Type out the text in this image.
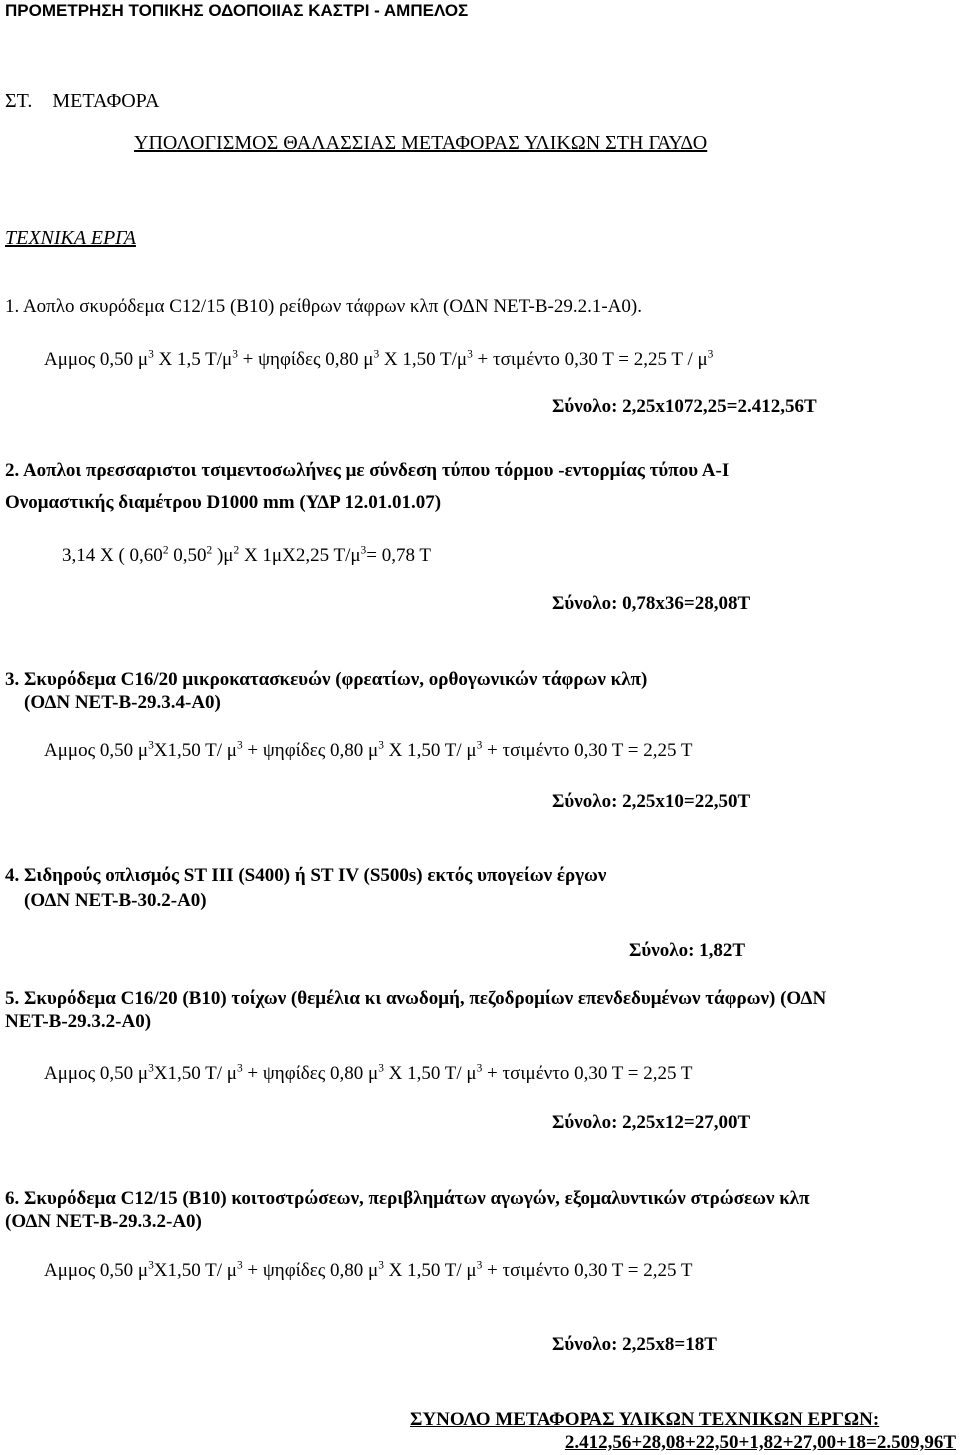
ΠΡΟΜΕΤΡΗΣΗ ΤΟΠΙΚΗΣ ΟΔΟΠΟΙΙΑΣ ΚΑΣΤΡΙ - ΑΜΠΕΛΟΣ
ΣΤ. ΜΕΤΑΦΟΡΑ
ΥΠΟΛΟΓΙΣΜΟΣ ΘΑΛΑΣΣΙΑΣ ΜΕΤΑΦΟΡΑΣ ΥΛΙΚΩΝ ΣΤΗ ΓΑΥΔΟ
ΤΕΧΝΙΚΑ ΕΡΓΑ
1. Αοπλο σκυρόδεμα C12/15 (B10) ρείθρων τάφρων κλπ (ΟΔΝ ΝΕΤ-Β-29.2.1-Α0).
Αμμος 0,50 $\mu^3$ Χ 1,5 $T/\mu^3 + \psi\eta\varphi ί\delta\varepsilon\varsigma$ 0,80 $\mu^3$ Χ 1,50 $T/\mu^3 + \tau\sigma\iota\mu έ\nu\tau o$ 0,30 Τ = 2,25 Τ / $\mu^3$
Σύνολο: 2,25x1072,25=2.412,56T
2. Αοπλοι πρεσσαριστοι τσιμεντοσωλήνες με σύνδεση τύπου τόρμου -εντορμίας τύπου Α-Ι
Ονομαστικής διαμέτρου D1000 mm (ΥΔΡ 12.01.01.07)
3,14 Χ ( 0,60$^2$ 0,50$^2$ )$\mu^2$ Χ 1μΧ2,25 $T/\mu^3= 0,78$ Τ
Σύνολο: 0,78x36=28,08T
3. Σκυρόδεμα C16/20 μικροκατασκευών (φρεατίων, ορθογωνικών τάφρων κλπ)
(ΟΔΝ ΝΕΤ-Β-29.3.4-Α0)
Αμμος 0,50 $\mu^3X1,50$ Τ/ $\mu^3 + \psi\eta\varphi ί\delta\varepsilon\varsigma$ 0,80 $\mu^3$ Χ 1,50 Τ/ $\mu^3 + \tau\sigma\iota\mu έ\nu\tau o$ 0,30 Τ = 2,25 Τ
Σύνολο: 2,25x10=22,50T
4. Σιδηρούς οπλισμός ST III (S400) ή ST IV (S500s) εκτός υπογείων έργων
(ΟΔΝ ΝΕΤ-Β-30.2-Α0)
Σύνολο: 1,82Τ
5. Σκυρόδεμα C16/20 (B10) τοίχων (θεμέλια κι ανωδομή, πεζοδρομίων επενδεδυμένων τάφρων) (ΟΔΝ
ΝΕΤ-Β-29.3.2-Α0)
Αμμος 0,50 $\mu^3X1,50$ Τ/ $\mu^3 + \psi\eta\varphi ί\delta\varepsilon\varsigma$ 0,80 $\mu^3$ Χ 1,50 Τ/ $\mu^3 + \tau\sigma\iota\mu έ\nu\tau o$ 0,30 Τ = 2,25 Τ
Σύνολο: 2,25x12=27,00T
6. Σκυρόδεμα C12/15 (B10) κοιτοστρώσεων, περιβλημάτων αγωγών, εξομαλυντικών στρώσεων κλπ
(ΟΔΝ ΝΕΤ-Β-29.3.2-Α0)
Αμμος 0,50 $\mu^3X1,50$ Τ/ $\mu^3 + \psi\eta\varphi ί\delta\varepsilon\varsigma$ 0,80 $\mu^3$ Χ 1,50 Τ/ $\mu^3 + \tau\sigma\iota\mu έ\nu\tau o$ 0,30 Τ = 2,25 Τ
Σύνολο: 2,25x8=18T
ΣΥΝΟΛΟ ΜΕΤΑΦΟΡΑΣ ΥΛΙΚΩΝ ΤΕΧΝΙΚΩΝ ΕΡΓΩΝ:
2.412,56+28,08+22,50+1,82+27,00+18=2.509,96T
